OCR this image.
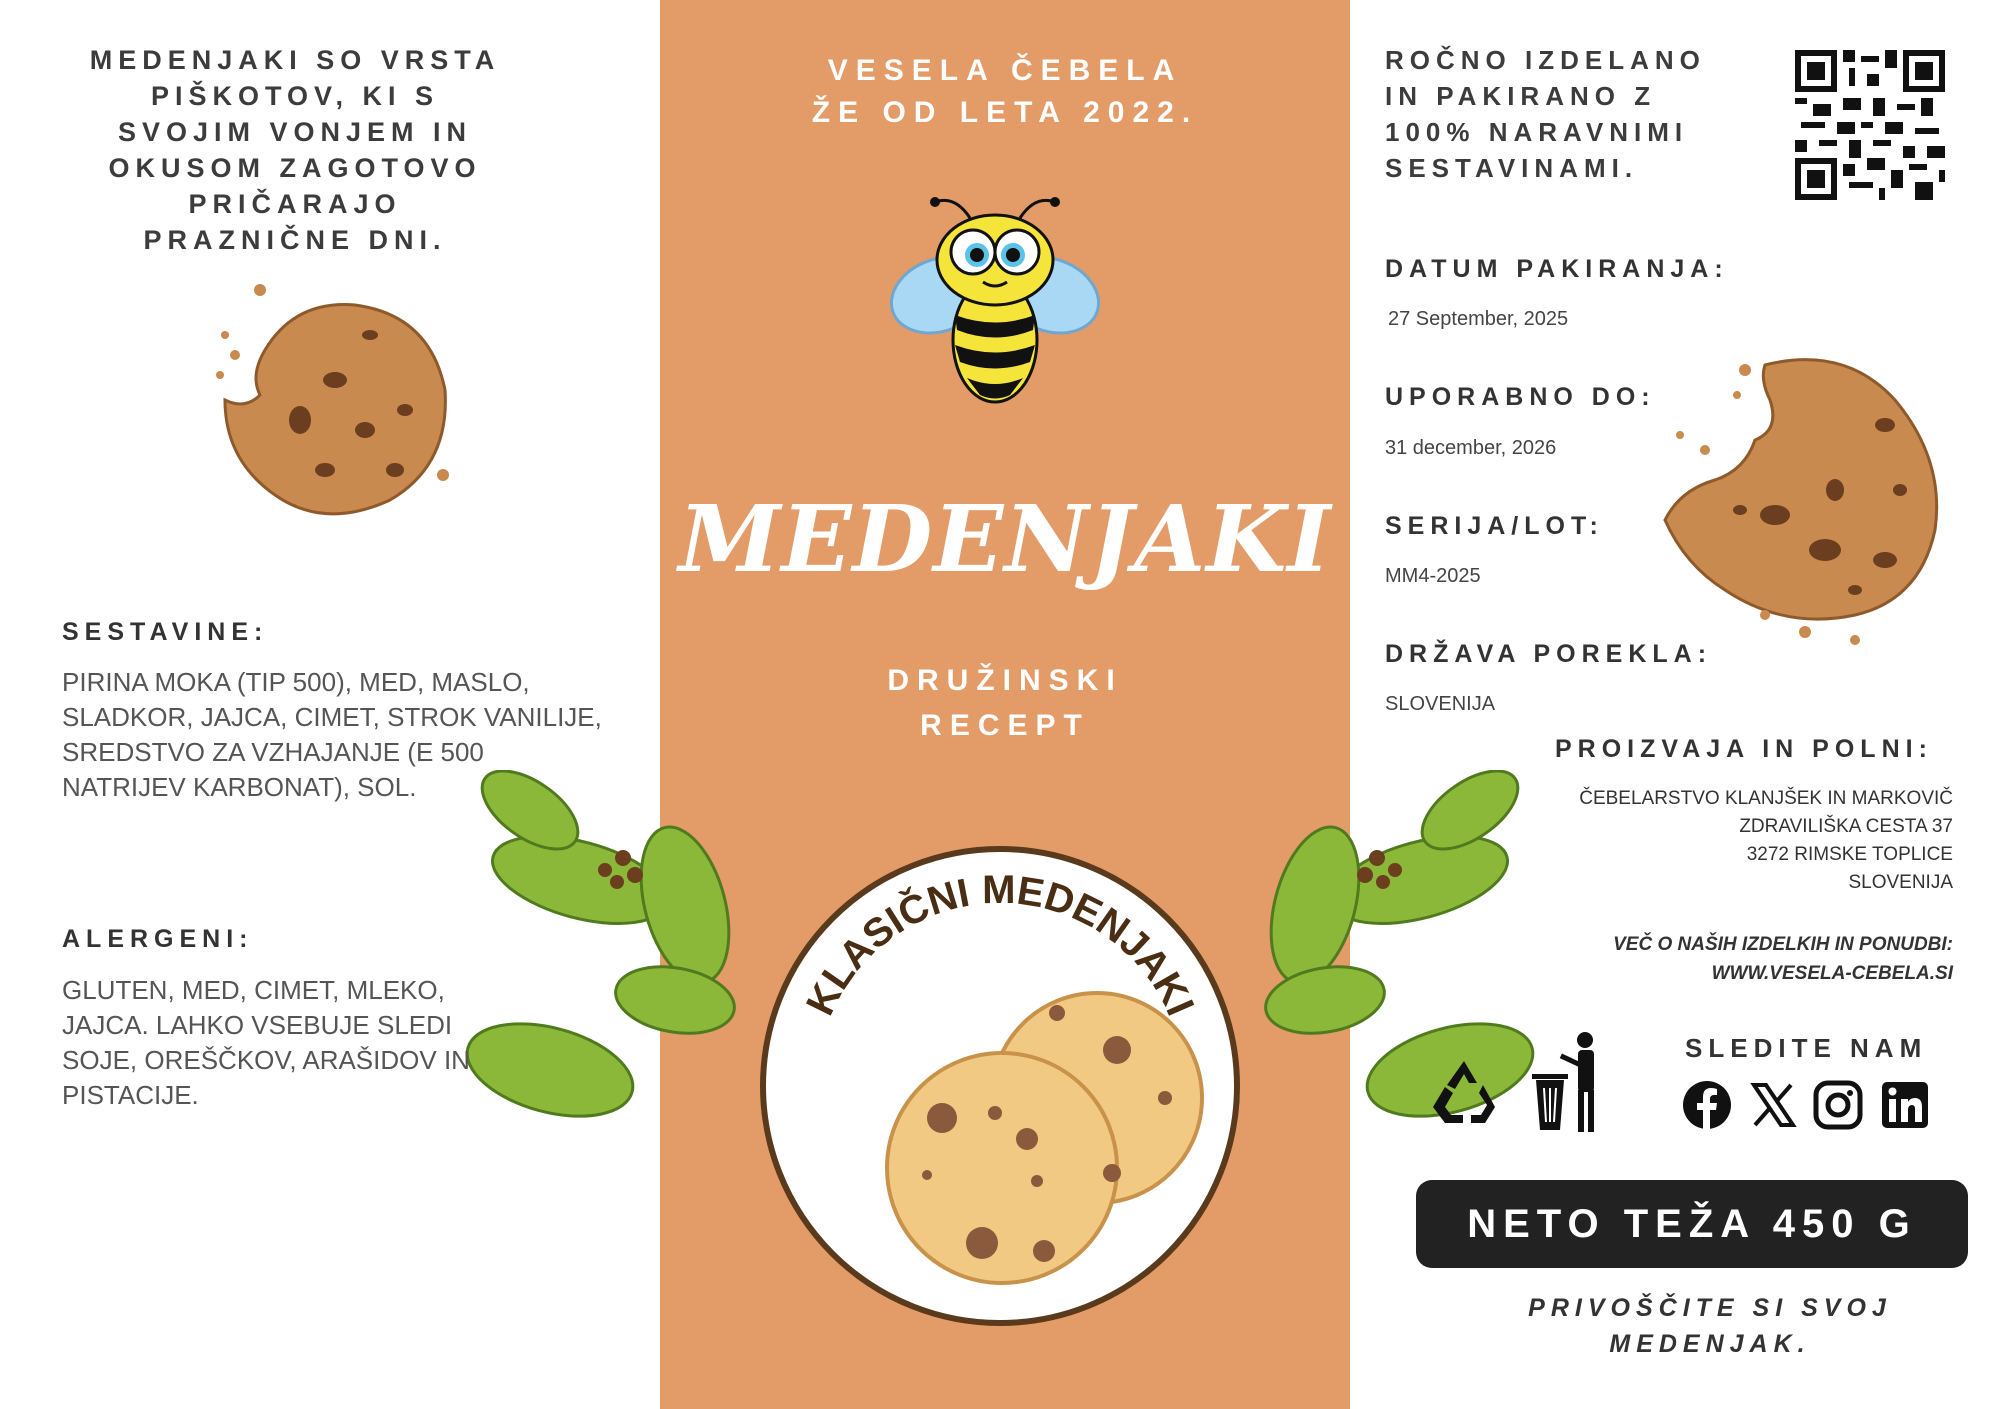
VESELA ČEBELA
ŽE OD LETA 2022.
MEDENJAKI
DRUŽINSKI
RECEPT
KLASIČNI MEDENJAKI
MEDENJAKI SO VRSTA PIŠKOTOV, KI S SVOJIM VONJEM IN OKUSOM ZAGOTOVO PRIČARAJO PRAZNIČNE DNI.
SESTAVINE:
PIRINA MOKA (TIP 500), MED, MASLO, SLADKOR, JAJCA, CIMET, STROK VANILIJE, SREDSTVO ZA VZHAJANJE (E 500 NATRIJEV KARBONAT), SOL.
ALERGENI:
GLUTEN, MED, CIMET, MLEKO, JAJCA. LAHKO VSEBUJE SLEDI SOJE, OREŠČKOV, ARAŠIDOV IN PISTACIJE.
ROČNO IZDELANO IN PAKIRANO Z 100% NARAVNIMI SESTAVINAMI.
DATUM PAKIRANJA:
27 September, 2025
UPORABNO DO:
31 december, 2026
SERIJA/LOT:
MM4-2025
DRŽAVA POREKLA:
SLOVENIJA
PROIZVAJA IN POLNI:
ČEBELARSTVO KLANJŠEK IN MARKOVIČ
ZDRAVILIŠKA CESTA 37
3272 RIMSKE TOPLICE
SLOVENIJA
VEČ O NAŠIH IZDELKIH IN PONUDBI:
WWW.VESELA-CEBELA.SI
SLEDITE NAM
NETO TEŽA 450 G
PRIVOŠČITE SI SVOJ MEDENJAK.
